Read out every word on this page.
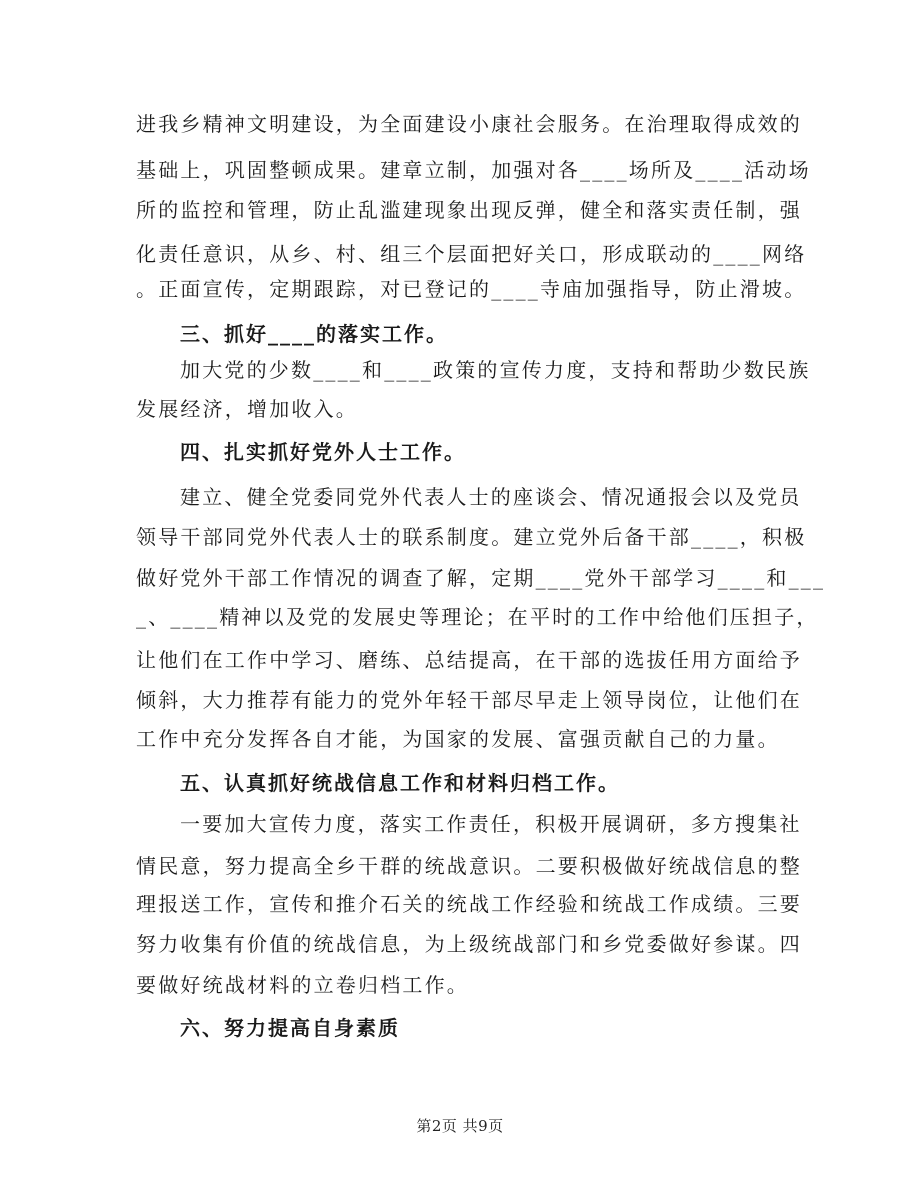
进我乡精神文明建设，为全面建设小康社会服务。在治理取得成效的
基础上，巩固整顿成果。建章立制，加强对各____场所及____活动场
所的监控和管理，防止乱滥建现象出现反弹，健全和落实责任制，强
化责任意识，从乡、村、组三个层面把好关口，形成联动的____网络
。正面宣传，定期跟踪，对已登记的____寺庙加强指导，防止滑坡。
三、抓好____的落实工作。
加大党的少数____和____政策的宣传力度，支持和帮助少数民族
发展经济，增加收入。
四、扎实抓好党外人士工作。
建立、健全党委同党外代表人士的座谈会、情况通报会以及党员
领导干部同党外代表人士的联系制度。建立党外后备干部____，积极
做好党外干部工作情况的调查了解，定期____党外干部学习____和___
_、____精神以及党的发展史等理论；在平时的工作中给他们压担子，
让他们在工作中学习、磨练、总结提高，在干部的选拔任用方面给予
倾斜，大力推荐有能力的党外年轻干部尽早走上领导岗位，让他们在
工作中充分发挥各自才能，为国家的发展、富强贡献自己的力量。
五、认真抓好统战信息工作和材料归档工作。
一要加大宣传力度，落实工作责任，积极开展调研，多方搜集社
情民意，努力提高全乡干群的统战意识。二要积极做好统战信息的整
理报送工作，宣传和推介石关的统战工作经验和统战工作成绩。三要
努力收集有价值的统战信息，为上级统战部门和乡党委做好参谋。四
要做好统战材料的立卷归档工作。
六、努力提高自身素质
第2页 共9页
